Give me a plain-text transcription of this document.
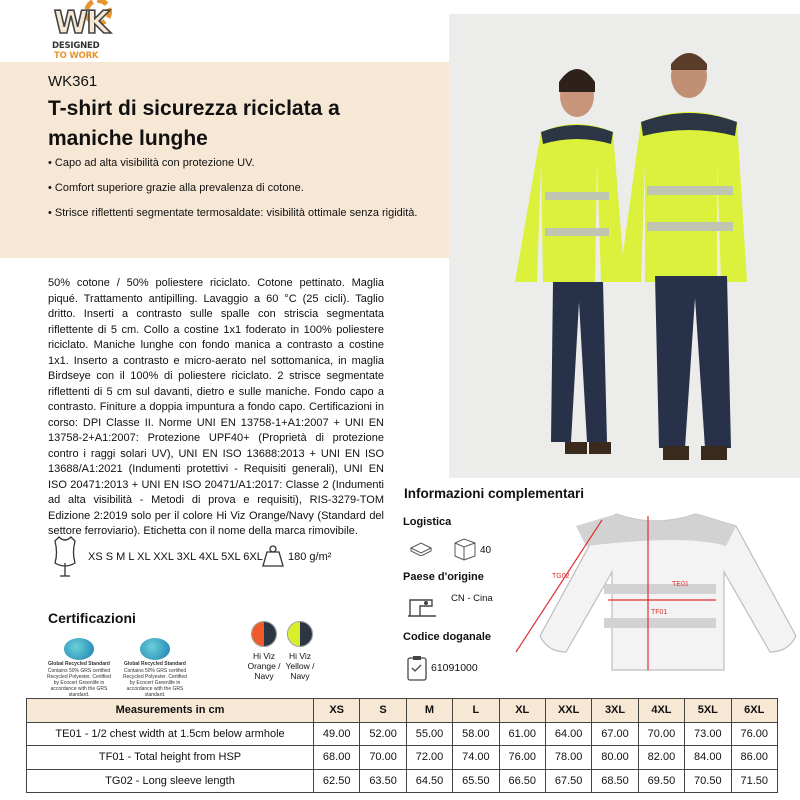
WK
DESIGNED
TO WORK
WK361
T-shirt di sicurezza riciclata a maniche lunghe
• Capo ad alta visibilità con protezione UV.
• Comfort superiore grazie alla prevalenza di cotone.
• Strisce riflettenti segmentate termosaldate: visibilità ottimale senza rigidità.
50% cotone / 50% poliestere riciclato. Cotone pettinato. Maglia piqué. Trattamento antipilling. Lavaggio a 60 °C (25 cicli). Taglio dritto. Inserti a contrasto sulle spalle con striscia segmentata riflettente di 5 cm. Collo a costine 1x1 foderato in 100% poliestere riciclato. Maniche lunghe con fondo manica a contrasto a costine 1x1. Inserto a contrasto e micro-aerato nel sottomanica, in maglia Birdseye con il 100% di poliestere riciclato. 2 strisce segmentate riflettenti di 5 cm sul davanti, dietro e sulle maniche. Fondo capo a contrasto. Finiture a doppia impuntura a fondo capo. Certificazioni in corso: DPI Classe II. Norme UNI EN 13758-1+A1:2007 + UNI EN 13758-2+A1:2007: Protezione UPF40+ (Proprietà di protezione contro i raggi solari UV), UNI EN ISO 13688:2013 + UNI EN ISO 13688/A1:2021 (Indumenti protettivi - Requisiti generali), UNI EN ISO 20471:2013 + UNI EN ISO 20471/A1:2017: Classe 2 (Indumenti ad alta visibilità - Metodi di prova e requisiti), RIS-3279-TOM Edizione 2:2019 solo per il colore Hi Viz Orange/Navy (Standard del settore ferroviario). Etichetta con il nome della marca rimovibile.
XS S M L XL XXL 3XL 4XL 5XL 6XL 180 g/m²
Certificazioni
Global Recycled Standard
Contains 50% GRS certified Recycled Polyester. Certified by Ecocert Greenlife in accordance with the GRS standard.
Global Recycled Standard
Contains 50% GRS certified Recycled Polyester. Certified by Ecocert Greenlife in accordance with the GRS standard.
Hi Viz Orange / Navy
Hi Viz Yellow / Navy
Informazioni complementari
Logistica
40
Paese d'origine
CN - Cina
Codice doganale
61091000
TG02
TE01
TF01
Measurements in cm	XS	S	M	L	XL	XXL	3XL	4XL	5XL	6XL
TE01 - 1/2 chest width at 1.5cm below armhole	49.00	52.00	55.00	58.00	61.00	64.00	67.00	70.00	73.00	76.00
TF01 - Total height from HSP	68.00	70.00	72.00	74.00	76.00	78.00	80.00	82.00	84.00	86.00
TG02 - Long sleeve length	62.50	63.50	64.50	65.50	66.50	67.50	68.50	69.50	70.50	71.50
